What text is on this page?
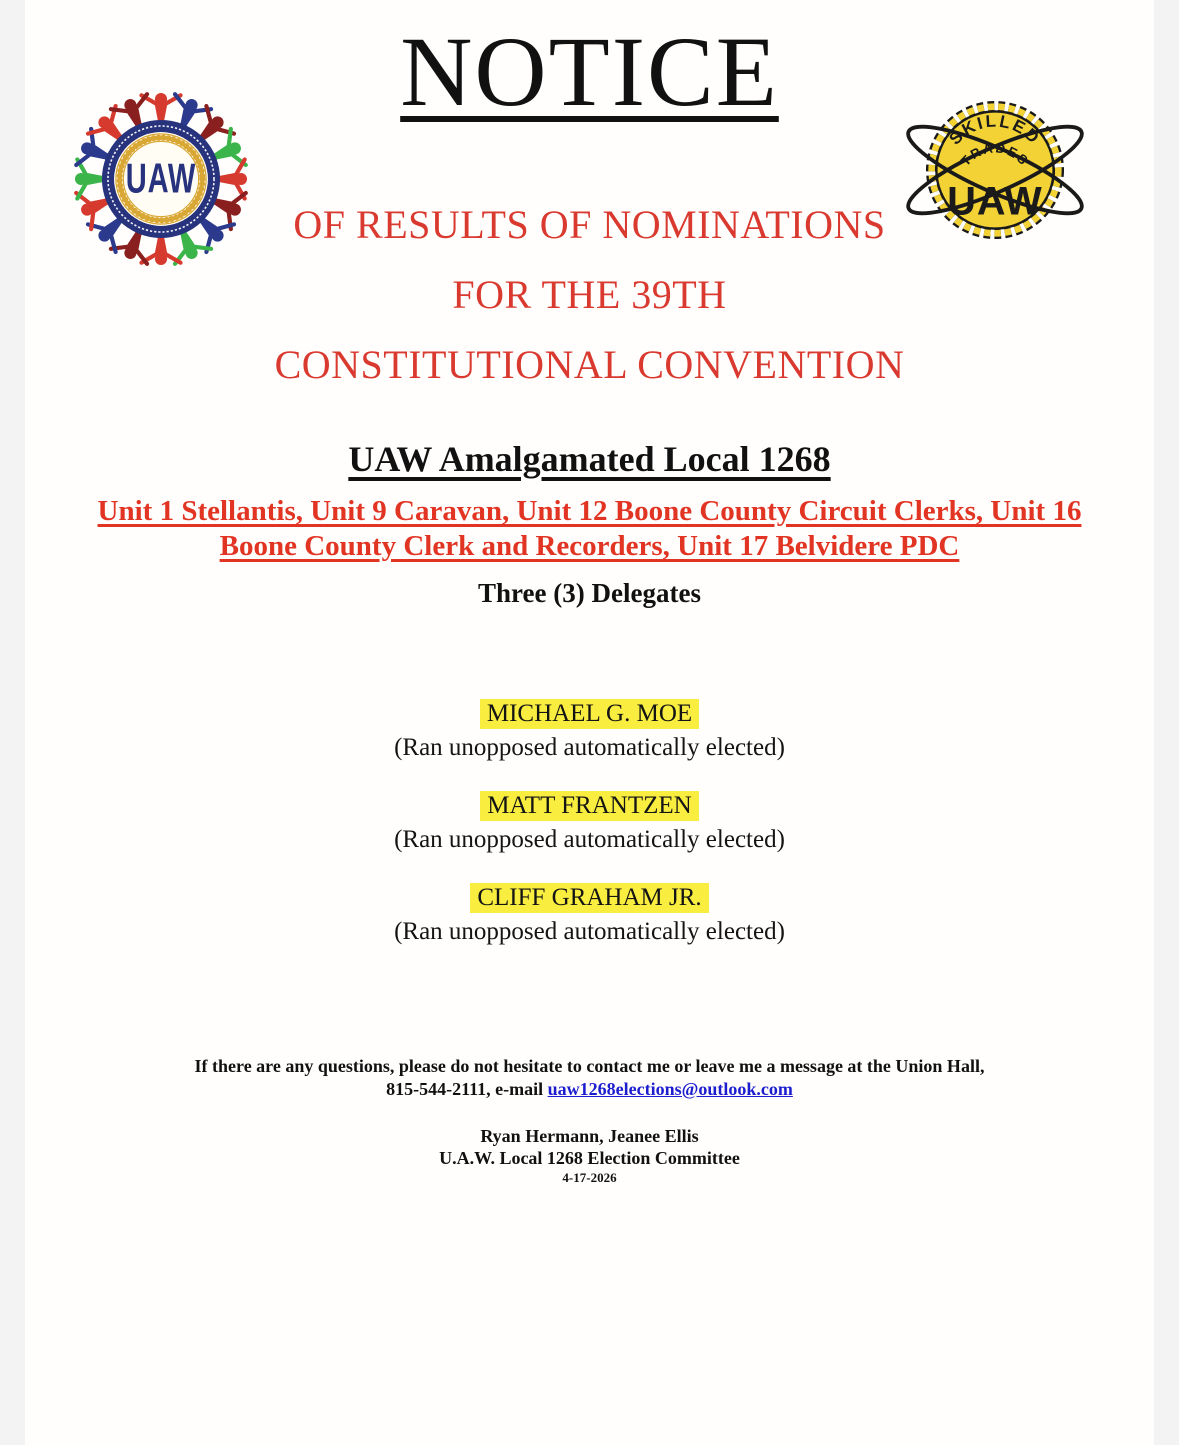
UAW
SKILLED
TRADES
UAW
NOTICE
OF RESULTS OF NOMINATIONS
FOR THE 39TH
CONSTITUTIONAL CONVENTION
UAW Amalgamated Local 1268
Unit 1 Stellantis, Unit 9 Caravan, Unit 12 Boone County Circuit Clerks, Unit 16 Boone County Clerk and Recorders, Unit 17 Belvidere PDC
Three (3) Delegates
MICHAEL G. MOE
(Ran unopposed automatically elected)
MATT FRANTZEN
(Ran unopposed automatically elected)
CLIFF GRAHAM JR.
(Ran unopposed automatically elected)
If there are any questions, please do not hesitate to contact me or leave me a message at the Union Hall,
815-544-2111, e-mail uaw1268elections@outlook.com
Ryan Hermann, Jeanee Ellis
U.A.W. Local 1268 Election Committee
4-17-2026
